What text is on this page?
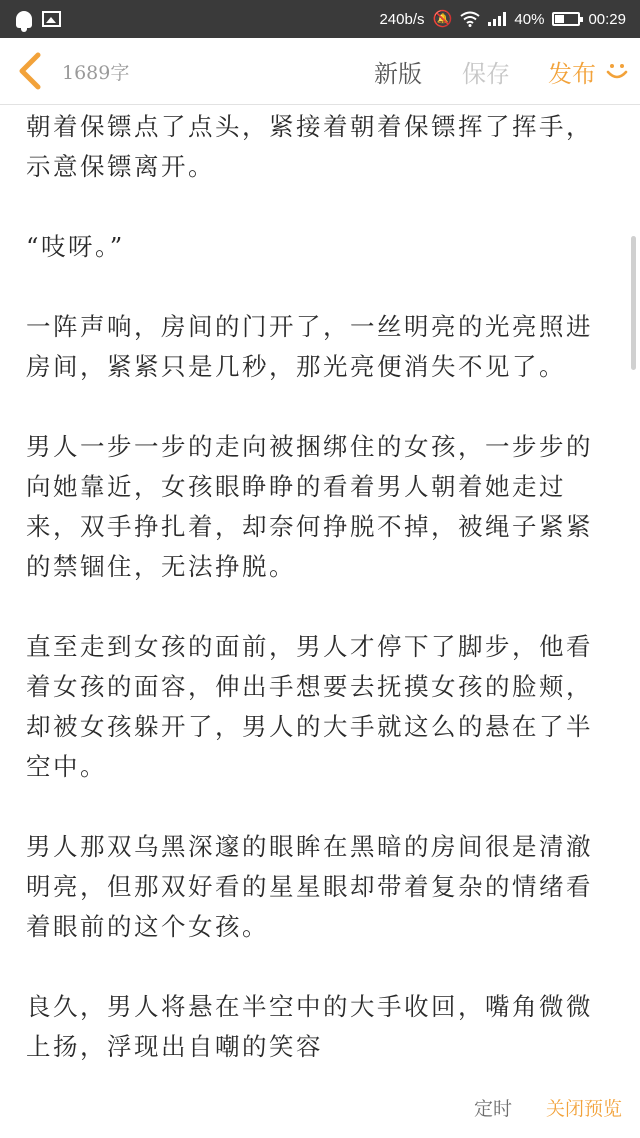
240b/s 🔕	40%	00:29
1689字	新版 保存 发布

朝着保镖点了点头，紧接着朝着保镖挥了挥手，示意保镖离开。

“吱呀。”

一阵声响，房间的门开了，一丝明亮的光亮照进房间，紧紧只是几秒，那光亮便消失不见了。

男人一步一步的走向被捆绑住的女孩，一步步的向她靠近，女孩眼睁睁的看着男人朝着她走过来，双手挣扎着，却奈何挣脱不掉，被绳子紧紧的禁锢住，无法挣脱。

直至走到女孩的面前，男人才停下了脚步，他看着女孩的面容，伸出手想要去抚摸女孩的脸颊，却被女孩躲开了，男人的大手就这么的悬在了半空中。

男人那双乌黑深邃的眼眸在黑暗的房间很是清澈明亮，但那双好看的星星眼却带着复杂的情绪看着眼前的这个女孩。

良久，男人将悬在半空中的大手收回，嘴角微微上扬，浮现出自嘲的笑容

定时 关闭预览
